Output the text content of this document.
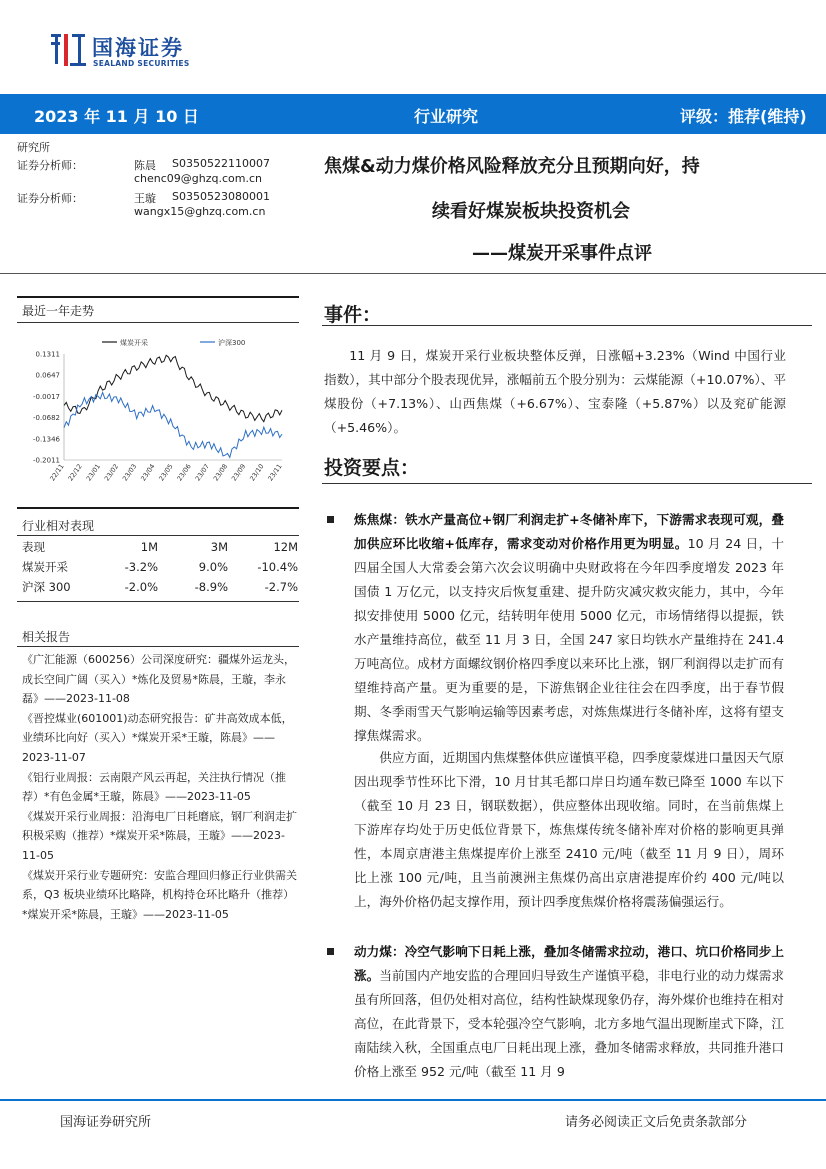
国海证券
SEALAND SECURITIES
2023 年 11 月 10 日	行业研究	评级：推荐(维持)
研究所
证券分析师：	陈晨 S0350522110007
chenc09@ghzq.com.cn
证券分析师：	王璇 S0350523080001
wangx15@ghzq.com.cn
最近一年走势
0.1311
0.0647
-0.0017
-0.0682
-0.1346
-0.2011
22/11 22/12 23/01 23/02 23/03 23/04 23/05 23/06 23/07 23/08 23/09 23/10 23/11
煤炭开采	沪深300
行业相对表现
表现	1M	3M	12M
煤炭开采	-3.2%	9.0%	-10.4%
沪深 300	-2.0%	-8.9%	-2.7%
相关报告

《广汇能源（600256）公司深度研究：疆煤外运龙头，成长空间广阔（买入）*炼化及贸易*陈晨，王璇，李永磊》——2023-11-08

《晋控煤业(601001)动态研究报告：矿井高效成本低，业绩环比向好（买入）*煤炭开采*王璇，陈晨》——2023-11-07

《铝行业周报：云南限产风云再起，关注执行情况（推荐）*有色金属*王璇，陈晨》——2023-11-05

《煤炭开采行业周报：沿海电厂日耗磨底，钢厂利润走扩积极采购（推荐）*煤炭开采*陈晨，王璇》——2023-11-05

《煤炭开采行业专题研究：安监合理回归修正行业供需关系，Q3 板块业绩环比略降，机构持仓环比略升（推荐）*煤炭开采*陈晨，王璇》——2023-11-05

焦煤&动力煤价格风险释放充分且预期向好，持
续看好煤炭板块投资机会
——煤炭开采事件点评
事件：
11 月 9 日，煤炭开采行业板块整体反弹，日涨幅+3.23%（Wind 中国行业指数），其中部分个股表现优异，涨幅前五个股分别为：云煤能源（+10.07%）、平煤股份（+7.13%）、山西焦煤（+6.67%）、宝泰隆（+5.87%）以及兖矿能源（+5.46%）。
投资要点：

炼焦煤：铁水产量高位+钢厂利润走扩+冬储补库下，下游需求表现可观，叠加供应环比收缩+低库存，需求变动对价格作用更为明显。10 月 24 日，十四届全国人大常委会第六次会议明确中央财政将在今年四季度增发 2023 年国债 1 万亿元，以支持灾后恢复重建、提升防灾减灾救灾能力，其中，今年拟安排使用 5000 亿元，结转明年使用 5000 亿元，市场情绪得以提振，铁水产量维持高位，截至 11 月 3 日，全国 247 家日均铁水产量维持在 241.4 万吨高位。成材方面螺纹钢价格四季度以来环比上涨，钢厂利润得以走扩而有望维持高产量。更为重要的是，下游焦钢企业往往会在四季度，出于春节假期、冬季雨雪天气影响运输等因素考虑，对炼焦煤进行冬储补库，这将有望支撑焦煤需求。

供应方面，近期国内焦煤整体供应谨慎平稳，四季度蒙煤进口量因天气原因出现季节性环比下滑，10 月甘其毛都口岸日均通车数已降至 1000 车以下（截至 10 月 23 日，钢联数据），供应整体出现收缩。同时，在当前焦煤上下游库存均处于历史低位背景下，炼焦煤传统冬储补库对价格的影响更具弹性，本周京唐港主焦煤提库价上涨至 2410 元/吨（截至 11 月 9 日），周环比上涨 100 元/吨，且当前澳洲主焦煤仍高出京唐港提库价约 400 元/吨以上，海外价格仍起支撑作用，预计四季度焦煤价格将震荡偏强运行。

动力煤：冷空气影响下日耗上涨，叠加冬储需求拉动，港口、坑口价格同步上涨。当前国内产地安监的合理回归导致生产谨慎平稳，非电行业的动力煤需求虽有所回落，但仍处相对高位，结构性缺煤现象仍存，海外煤价也维持在相对高位，在此背景下，受本轮强冷空气影响，北方多地气温出现断崖式下降，江南陆续入秋，全国重点电厂日耗出现上涨，叠加冬储需求释放，共同推升港口价格上涨至 952 元/吨（截至 11 月 9

国海证券研究所	请务必阅读正文后免责条款部分
